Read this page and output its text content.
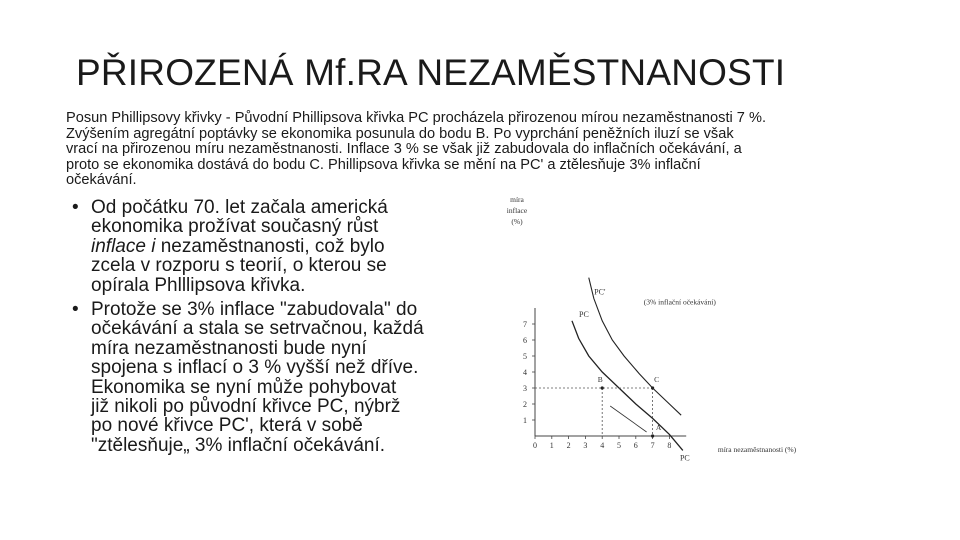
PŘIROZENÁ Mf.RA NEZAMĚSTNANOSTI
Posun Phillipsovy křivky - Původní Phillipsova křivka PC procházela přirozenou mírou nezaměstnanosti 7 %.
Zvýšením agregátní poptávky se ekonomika posunula do bodu B. Po vyprchání peněžních iluzí se však
vrací na přirozenou míru nezaměstnanosti. Inflace 3 % se však již zabudovala do inflačních očekávání, a
proto se ekonomika dostává do bodu C. Phillipsova křivka se mění na PC' a ztělesňuje 3% inflační
očekávání.
• Od počátku 70. let začala americká
ekonomika prožívat současný růst
inflace i nezaměstnanosti, což bylo
zcela v rozporu s teorií, o kterou se
opírala Phlllipsova křivka.
• Protože se 3% inflace "zabudovala" do
očekávání a stala se setrvačnou, každá
míra nezaměstnanosti bude nyní
spojena s inflací o 3 % vyšší než dříve.
Ekonomika se nyní může pohybovat
již nikoli po původní křivce PC, nýbrž
po nové křivce PC', která v sobě
"ztělesňuje„ 3% inflační očekávání.
míra
inflace
(%)
míra nezaměstnanosti (%)
0 1 2 3 4 5 6 7 8
1
2
3
4
5
6
7
PC
PC
PC'
(3% inflační očekávání)
A
B	C
